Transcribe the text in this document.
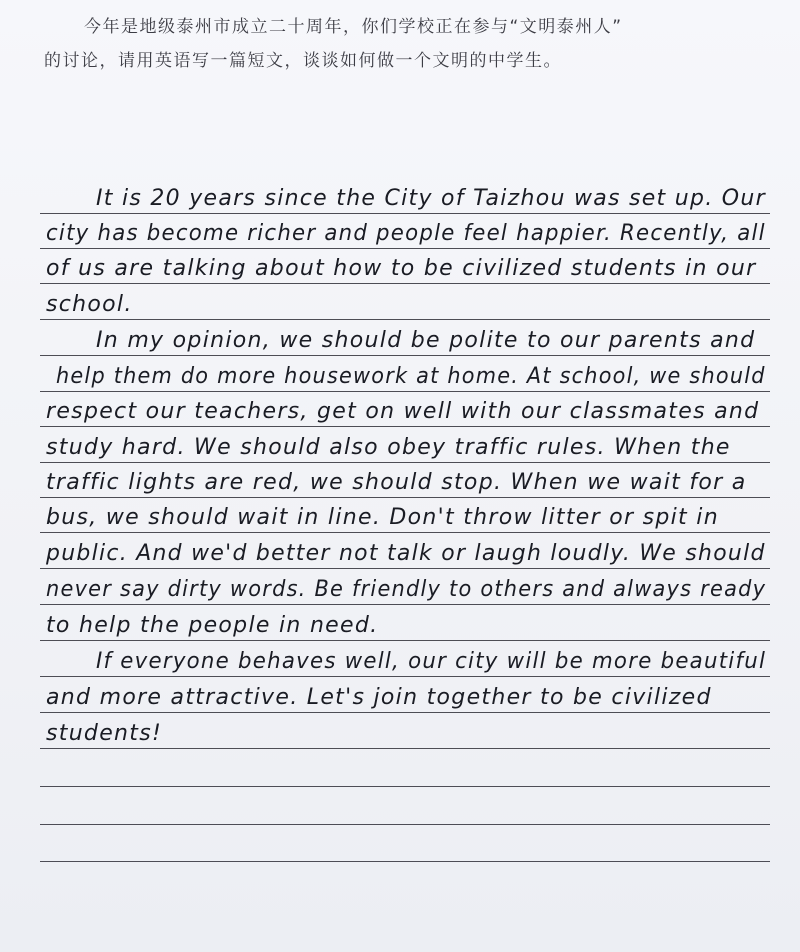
今年是地级泰州市成立二十周年，你们学校正在参与“文明泰州人”
的讨论，请用英语写一篇短文，谈谈如何做一个文明的中学生。
It is 20 years since the City of Taizhou was set up. Our
city has become richer and people feel happier. Recently, all
of us are talking about how to be civilized students in our
school.
In my opinion, we should be polite to our parents and
help them do more housework at home. At school, we should
respect our teachers, get on well with our classmates and
study hard. We should also obey traffic rules. When the
traffic lights are red, we should stop. When we wait for a
bus, we should wait in line. Don't throw litter or spit in
public. And we'd better not talk or laugh loudly. We should
never say dirty words. Be friendly to others and always ready
to help the people in need.
If everyone behaves well, our city will be more beautiful
and more attractive. Let's join together to be civilized
students!
